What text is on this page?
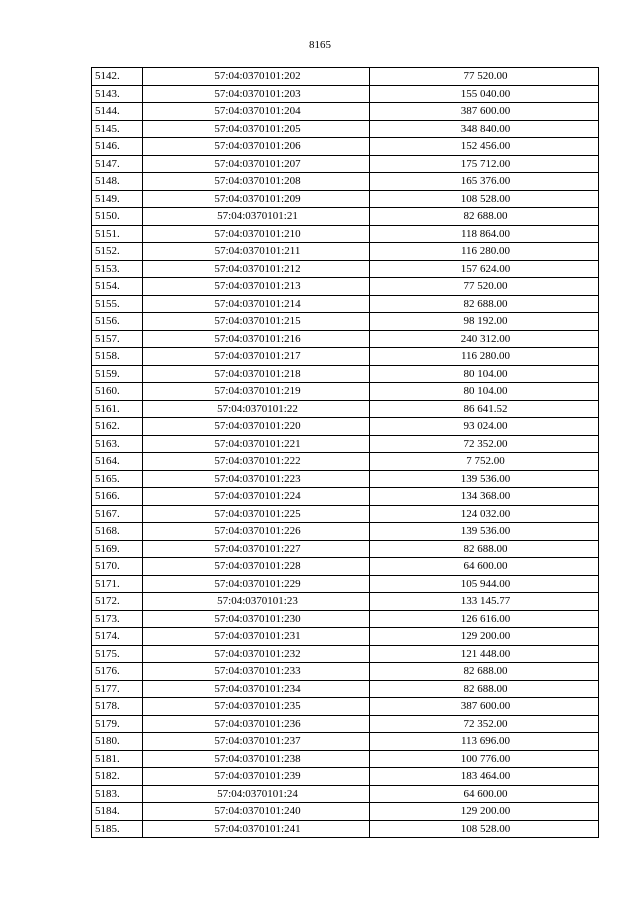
8165
5142.	57:04:0370101:202	77 520.00
5143.	57:04:0370101:203	155 040.00
5144.	57:04:0370101:204	387 600.00
5145.	57:04:0370101:205	348 840.00
5146.	57:04:0370101:206	152 456.00
5147.	57:04:0370101:207	175 712.00
5148.	57:04:0370101:208	165 376.00
5149.	57:04:0370101:209	108 528.00
5150.	57:04:0370101:21	82 688.00
5151.	57:04:0370101:210	118 864.00
5152.	57:04:0370101:211	116 280.00
5153.	57:04:0370101:212	157 624.00
5154.	57:04:0370101:213	77 520.00
5155.	57:04:0370101:214	82 688.00
5156.	57:04:0370101:215	98 192.00
5157.	57:04:0370101:216	240 312.00
5158.	57:04:0370101:217	116 280.00
5159.	57:04:0370101:218	80 104.00
5160.	57:04:0370101:219	80 104.00
5161.	57:04:0370101:22	86 641.52
5162.	57:04:0370101:220	93 024.00
5163.	57:04:0370101:221	72 352.00
5164.	57:04:0370101:222	7 752.00
5165.	57:04:0370101:223	139 536.00
5166.	57:04:0370101:224	134 368.00
5167.	57:04:0370101:225	124 032.00
5168.	57:04:0370101:226	139 536.00
5169.	57:04:0370101:227	82 688.00
5170.	57:04:0370101:228	64 600.00
5171.	57:04:0370101:229	105 944.00
5172.	57:04:0370101:23	133 145.77
5173.	57:04:0370101:230	126 616.00
5174.	57:04:0370101:231	129 200.00
5175.	57:04:0370101:232	121 448.00
5176.	57:04:0370101:233	82 688.00
5177.	57:04:0370101:234	82 688.00
5178.	57:04:0370101:235	387 600.00
5179.	57:04:0370101:236	72 352.00
5180.	57:04:0370101:237	113 696.00
5181.	57:04:0370101:238	100 776.00
5182.	57:04:0370101:239	183 464.00
5183.	57:04:0370101:24	64 600.00
5184.	57:04:0370101:240	129 200.00
5185.	57:04:0370101:241	108 528.00
